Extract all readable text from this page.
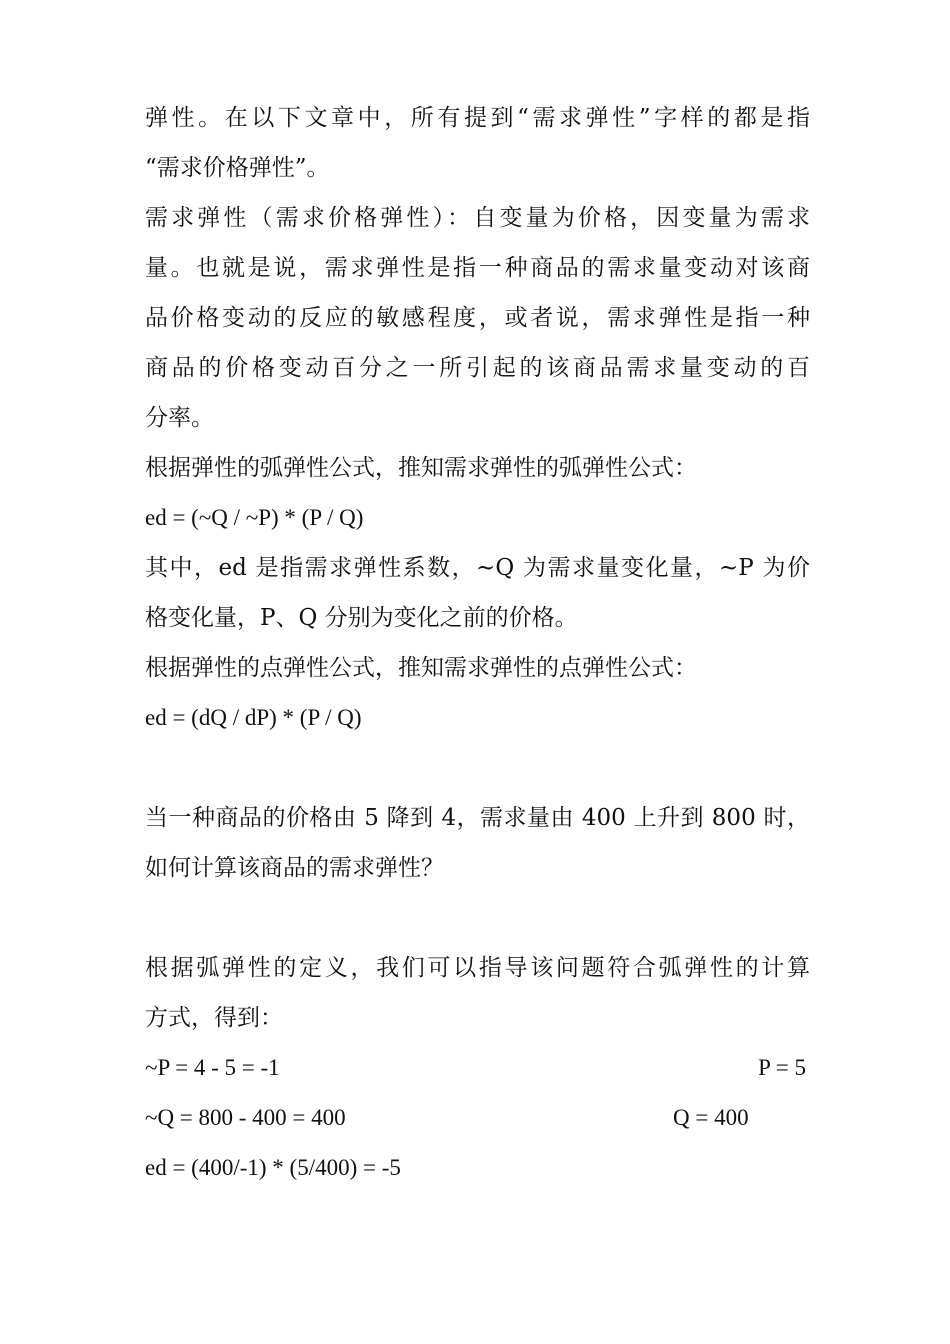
弹性。在以下文章中，所有提到“需求弹性”字样的都是指
“需求价格弹性”。
需求弹性（需求价格弹性）：自变量为价格，因变量为需求
量。也就是说，需求弹性是指一种商品的需求量变动对该商
品价格变动的反应的敏感程度，或者说，需求弹性是指一种
商品的价格变动百分之一所引起的该商品需求量变动的百
分率。
根据弹性的弧弹性公式，推知需求弹性的弧弹性公式：
ed = (~Q / ~P) * (P / Q)
其中，ed 是指需求弹性系数，~Q 为需求量变化量，~P 为价
格变化量，P、Q 分别为变化之前的价格。
根据弹性的点弹性公式，推知需求弹性的点弹性公式：
ed = (dQ / dP) * (P / Q)
当一种商品的价格由 5 降到 4，需求量由 400 上升到 800 时，
如何计算该商品的需求弹性？
根据弧弹性的定义，我们可以指导该问题符合弧弹性的计算
方式，得到：
~P = 4 - 5 = -1	P = 5
~Q = 800 - 400 = 400	Q = 400
ed = (400/-1) * (5/400) = -5
